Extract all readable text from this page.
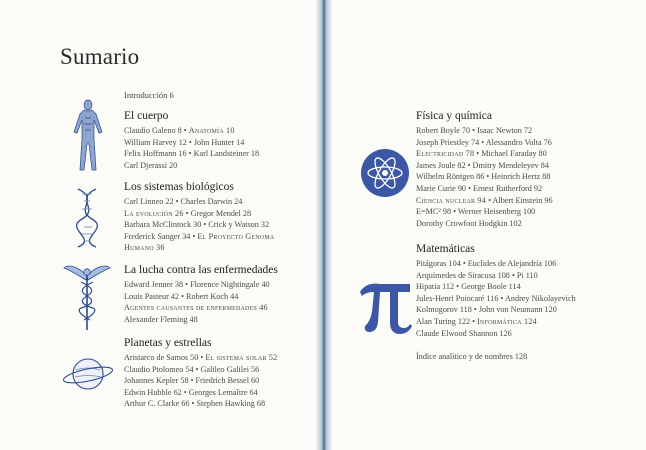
Sumario
Introducción 6
El cuerpo
Claudio Galeno 8 • Anatomía 10
William Harvey 12 • John Hunter 14
Felix Hoffmann 16 • Karl Landsteiner 18
Carl Djerassi 20
Los sistemas biológicos
Carl Linneo 22 • Charles Darwin 24
La evolución 26 • Gregor Mendel 28
Barbara McClintock 30 • Crick y Watson 32
Frederick Sanger 34 • El Proyecto Genoma
Humano 36
La lucha contra las enfermedades
Edward Jenner 38 • Florence Nightingale 40
Louis Pasteur 42 • Robert Koch 44
Agentes causantes de enfermedades 46
Alexander Fleming 48
Planetas y estrellas
Aristarco de Samos 50 • El sistema solar 52
Claudio Ptolomeo 54 • Galileo Galilei 56
Johannes Kepler 58 • Friedrich Bessel 60
Edwin Hubble 62 • Georges Lemaître 64
Arthur C. Clarke 66 • Stephen Hawking 68
Física y química
Robert Boyle 70 • Isaac Newton 72
Joseph Priestley 74 • Alessandro Volta 76
Electricidad 78 • Michael Faraday 80
James Joule 82 • Dmitry Mendeleyev 84
Wilhelm Röntgen 86 • Heinrich Hertz 88
Marie Curie 90 • Ernest Rutherford 92
Ciencia nuclear 94 • Albert Einstein 96
E=MC² 98 • Werner Heisenberg 100
Dorothy Crowfoot Hodgkin 102
Matemáticas
Pitágoras 104 • Euclides de Alejandría 106
Arquímedes de Siracusa 108 • Pi 110
Hipatia 112 • George Boole 114
Jules-Henri Poincaré 116 • Andrey Nikolayevich
Kolmogorov 118 • John von Neumann 120
Alan Turing 122 • Informática 124
Claude Elwood Shannon 126
Índice analítico y de nombres 128
